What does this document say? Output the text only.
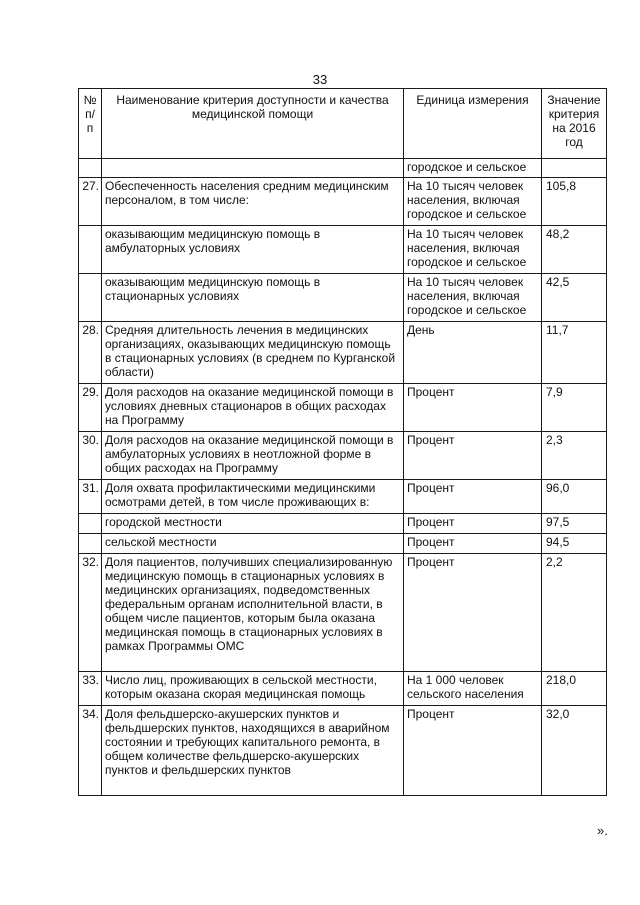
33
№ п/п	Наименование критерия доступности и качества медицинской помощи	Единица измерения	Значение критерия на 2016 год
		городское и сельское	
27.	Обеспеченность населения средним медицинским персоналом, в том числе:	На 10 тысяч человек населения, включая городское и сельское	105,8
	оказывающим медицинскую помощь в амбулаторных условиях	На 10 тысяч человек населения, включая городское и сельское	48,2
	оказывающим медицинскую помощь в стационарных условиях	На 10 тысяч человек населения, включая городское и сельское	42,5
28.	Средняя длительность лечения в медицинских организациях, оказывающих медицинскую помощь в стационарных условиях (в среднем по Курганской области)	День	11,7
29.	Доля расходов на оказание медицинской помощи в условиях дневных стационаров в общих расходах на Программу	Процент	7,9
30.	Доля расходов на оказание медицинской помощи в амбулаторных условиях в неотложной форме в общих расходах на Программу	Процент	2,3
31.	Доля охвата профилактическими медицинскими осмотрами детей, в том числе проживающих в:	Процент	96,0
	городской местности	Процент	97,5
	сельской местности	Процент	94,5
32.	Доля пациентов, получивших специализированную медицинскую помощь в стационарных условиях в медицинских организациях, подведомственных федеральным органам исполнительной власти, в общем числе пациентов, которым была оказана медицинская помощь в стационарных условиях в рамках Программы ОМС	Процент	2,2
33.	Число лиц, проживающих в сельской местности, которым оказана скорая медицинская помощь	На 1 000 человек сельского населения	218,0
34.	Доля фельдшерско-акушерских пунктов и фельдшерских пунктов, находящихся в аварийном состоянии и требующих капитального ремонта, в общем количестве фельдшерско-акушерских пунктов и фельдшерских пунктов	Процент	32,0
».
